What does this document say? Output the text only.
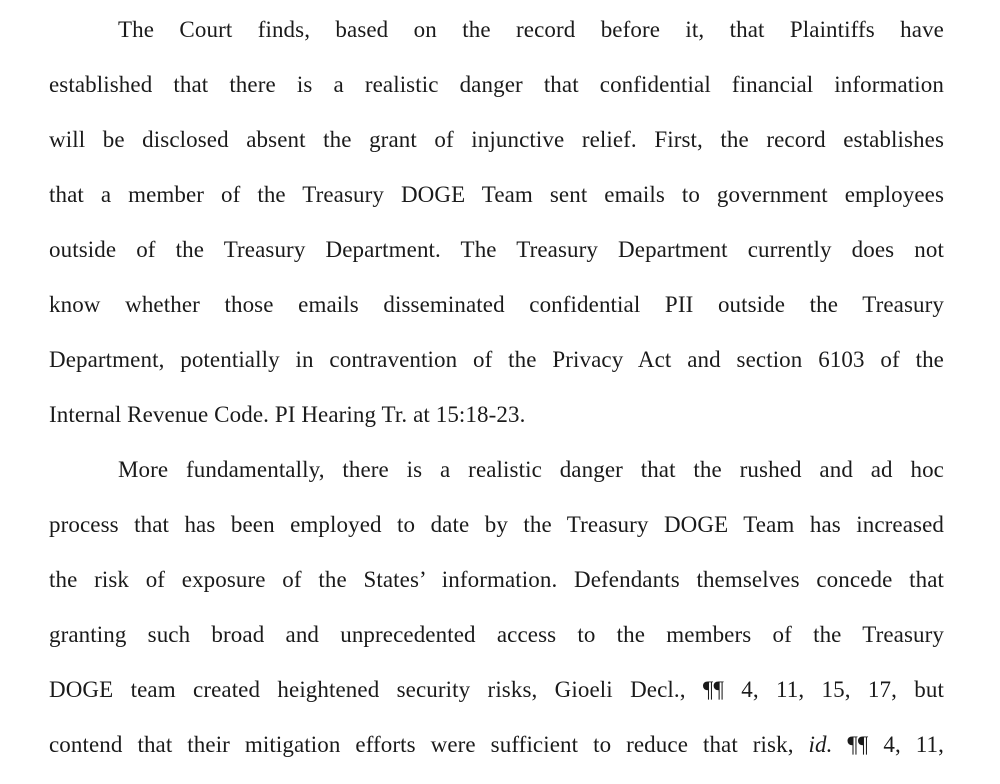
The Court finds, based on the record before it, that Plaintiffs have
established that there is a realistic danger that confidential financial information
will be disclosed absent the grant of injunctive relief. First, the record establishes
that a member of the Treasury DOGE Team sent emails to government employees
outside of the Treasury Department. The Treasury Department currently does not
know whether those emails disseminated confidential PII outside the Treasury
Department, potentially in contravention of the Privacy Act and section 6103 of the
Internal Revenue Code. PI Hearing Tr. at 15:18-23.
More fundamentally, there is a realistic danger that the rushed and ad hoc
process that has been employed to date by the Treasury DOGE Team has increased
the risk of exposure of the States’ information. Defendants themselves concede that
granting such broad and unprecedented access to the members of the Treasury
DOGE team created heightened security risks, Gioeli Decl., ¶¶ 4, 11, 15, 17, but
contend that their mitigation efforts were sufficient to reduce that risk, id. ¶¶ 4, 11,
